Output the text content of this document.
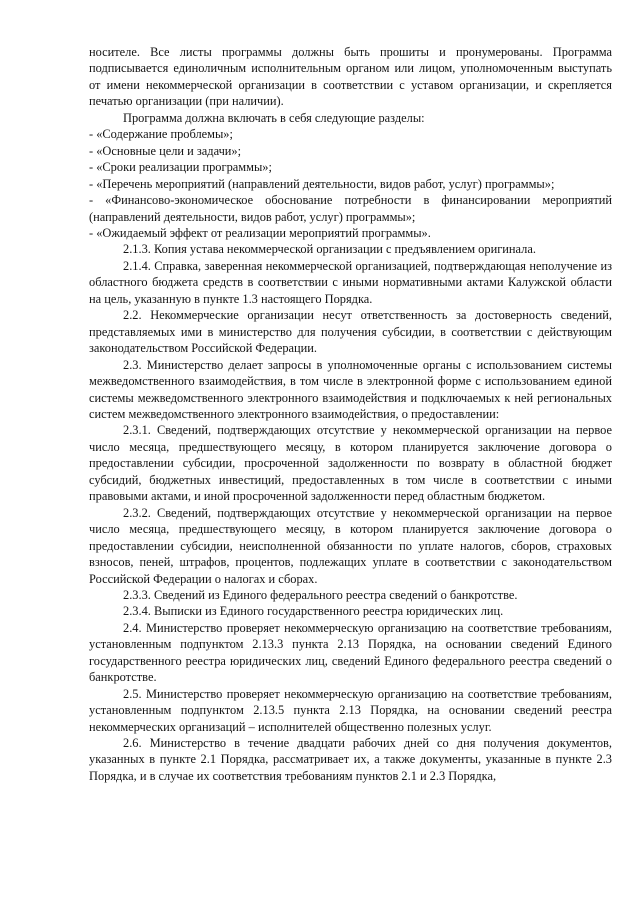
носителе. Все листы программы должны быть прошиты и пронумерованы. Программа подписывается единоличным исполнительным органом или лицом, уполномоченным выступать от имени некоммерческой организации в соответствии с уставом организации, и скрепляется печатью организации (при наличии).

Программа должна включать в себя следующие разделы:

- «Содержание проблемы»;

- «Основные цели и задачи»;

- «Сроки реализации программы»;

- «Перечень мероприятий (направлений деятельности, видов работ, услуг) программы»;

- «Финансово-экономическое обоснование потребности в финансировании мероприятий (направлений деятельности, видов работ, услуг) программы»;

- «Ожидаемый эффект от реализации мероприятий программы».

2.1.3. Копия устава некоммерческой организации с предъявлением оригинала.

2.1.4. Справка, заверенная некоммерческой организацией, подтверждающая неполучение из областного бюджета средств в соответствии с иными нормативными актами Калужской области на цель, указанную в пункте 1.3 настоящего Порядка.

2.2. Некоммерческие организации несут ответственность за достоверность сведений, представляемых ими в министерство для получения субсидии, в соответствии с действующим законодательством Российской Федерации.

2.3. Министерство делает запросы в уполномоченные органы с использованием системы межведомственного взаимодействия, в том числе в электронной форме с использованием единой системы межведомственного электронного взаимодействия и подключаемых к ней региональных систем межведомственного электронного взаимодействия, о предоставлении:

2.3.1. Сведений, подтверждающих отсутствие у некоммерческой организации на первое число месяца, предшествующего месяцу, в котором планируется заключение договора о предоставлении субсидии, просроченной задолженности по возврату в областной бюджет субсидий, бюджетных инвестиций, предоставленных в том числе в соответствии с иными правовыми актами, и иной просроченной задолженности перед областным бюджетом.

2.3.2. Сведений, подтверждающих отсутствие у некоммерческой организации на первое число месяца, предшествующего месяцу, в котором планируется заключение договора о предоставлении субсидии, неисполненной обязанности по уплате налогов, сборов, страховых взносов, пеней, штрафов, процентов, подлежащих уплате в соответствии с законодательством Российской Федерации о налогах и сборах.

2.3.3. Сведений из Единого федерального реестра сведений о банкротстве.

2.3.4. Выписки из Единого государственного реестра юридических лиц.

2.4. Министерство проверяет некоммерческую организацию на соответствие требованиям, установленным подпунктом 2.13.3 пункта 2.13 Порядка, на основании сведений Единого государственного реестра юридических лиц, сведений Единого федерального реестра сведений о банкротстве.

2.5. Министерство проверяет некоммерческую организацию на соответствие требованиям, установленным подпунктом 2.13.5 пункта 2.13 Порядка, на основании сведений реестра некоммерческих организаций – исполнителей общественно полезных услуг.

2.6. Министерство в течение двадцати рабочих дней со дня получения документов, указанных в пункте 2.1 Порядка, рассматривает их, а также документы, указанные в пункте 2.3 Порядка, и в случае их соответствия требованиям пунктов 2.1 и 2.3 Порядка,
